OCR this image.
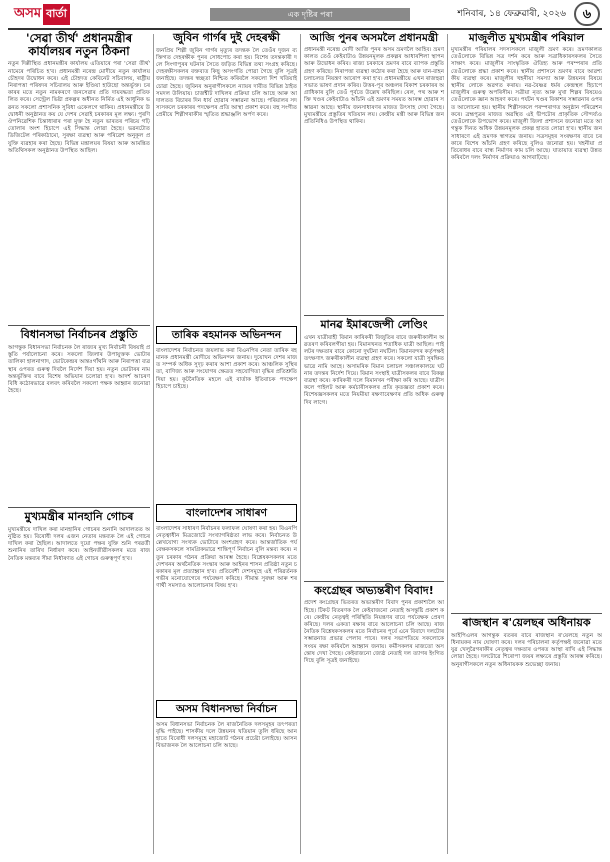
অসম বাৰ্তা	এক দৃষ্টিৰ পৰা	শনিবাৰ, ১৪ ফেব্ৰুৱাৰী, ২০২৬	৬
'সেৱা তীৰ্থ' প্ৰধানমন্ত্ৰীৰ কাৰ্যালয়ৰ নতুন ঠিকনা
নতুন দিল্লীস্থিত প্ৰধানমন্ত্ৰীৰ কাৰ্যালয় এতিয়াৰে পৰা 'সেৱা তীৰ্থ' নামেৰে পৰিচিত হ'ব। প্ৰধানমন্ত্ৰী নৰেন্দ্ৰ মোদীয়ে নতুন কাৰ্যালয় চৌহদৰ উদ্বোধন কৰে। এই চৌহদত কেবিনেট সচিবালয়, ৰাষ্ট্ৰীয় নিৰাপত্তা পৰিষদৰ সচিবালয় আৰু ইণ্ডিয়া হাউছো অন্তৰ্ভুক্ত। চৰকাৰৰ মতে নতুন নামকৰণে জনসেৱাৰ প্ৰতি দায়বদ্ধতা প্ৰতিফলিত কৰে। সেন্ট্ৰেল ভিষ্টা প্ৰকল্পৰ অধীনত নিৰ্মিত এই আধুনিক ভৱনত সকলো প্ৰশাসনিক সুবিধা একেলগে থাকিব। প্ৰধানমন্ত্ৰীয়ে উদ্বোধনী অনুষ্ঠানত কয় যে দেশৰ সেৱাই চৰকাৰৰ মূল লক্ষ্য। পুৰণি ঔপনিৱেশিক চিন্তাধাৰাৰ পৰা মুক্ত হৈ নতুন ভাৰতৰ পৰিচয় গঢ়ি তোলাৰ অংশ হিচাপে এই সিদ্ধান্ত লোৱা হৈছে। ভৱনটোত ডিজিটেল পৰিকাঠামো, সুৰক্ষা ব্যৱস্থা আৰু পৰিৱেশ অনুকূল প্ৰযুক্তি ব্যৱহাৰ কৰা হৈছে। বিভিন্ন মন্ত্ৰালয়ৰ বিষয়া আৰু আমন্ত্ৰিত অতিথিসকল অনুষ্ঠানত উপস্থিত আছিল।
বিধানসভা নিৰ্বাচনৰ প্ৰস্তুতি
আগন্তুক বিধানসভা নিৰ্বাচনক লৈ ৰাজ্যৰ মুখ্য নিৰ্বাচনী বিষয়াই প্ৰস্তুতি পৰ্যালোচনা কৰে। সকলো জিলাৰ উপায়ুক্তক ভোটাৰ তালিকা হালনাগাদ, ভোটকেন্দ্ৰৰ আন্তঃগাঁথনি আৰু নিৰাপত্তা ব্যৱস্থাৰ ওপৰত গুৰুত্ব দিবলৈ নিৰ্দেশ দিয়া হয়। নতুন ভোটাৰৰ নাম অন্তৰ্ভুক্তিৰ বাবে বিশেষ অভিযান চলোৱা হ'ব। আদৰ্শ আচৰণ বিধি কঠোৰভাৱে বলবৎ কৰিবলৈ সকলো পক্ষক আহ্বান জনোৱা হৈছে।
মুখ্যমন্ত্ৰীৰ মানহানি গোচৰ
মুখ্যমন্ত্ৰীয়ে দাখিল কৰা মানহানিৰ গোচৰৰ শুনানি আদালতত অনুষ্ঠিত হয়। বিৰোধী দলৰ এজন নেতাৰ মন্তব্যক লৈ এই গোচৰ দাখিল কৰা হৈছিল। আদালতে দুয়ো পক্ষৰ যুক্তি শুনি পৰৱৰ্তী শুনানিৰ তাৰিখ নিৰ্ধাৰণ কৰে। আইনজীৱীসকলৰ মতে ৰাজনৈতিক মন্তব্যৰ সীমা নিৰ্ধাৰণত এই গোচৰ গুৰুত্বপূৰ্ণ হ'ব।
জুবিন গাৰ্গৰ দুই দেহৰক্ষী
জনপ্ৰিয় শিল্পী জুবিন গাৰ্গৰ মৃত্যুৰ তদন্তক লৈ তেওঁৰ দুজন ব্যক্তিগত দেহৰক্ষীক পুনৰ সোধপোচ কৰা হয়। বিশেষ তদন্তকাৰী দলে সিংগাপুৰৰ ঘটনাৰ সৈতে জড়িত বিভিন্ন তথ্য সংগ্ৰহ কৰিছে। দেহৰক্ষীসকলৰ বক্তব্যত কিছু অসংগতি পোৱা গৈছে বুলি সূত্ৰই জনাইছে। তদন্তৰ স্বচ্ছতা নিশ্চিত কৰিবলৈ সকলো দিশ খতিয়াই চোৱা হৈছে। জুবিনৰ অনুৰাগীসকলে ন্যায়ৰ দাবীত বিভিন্ন ঠাইত সমদল উলিয়ায়। চাৰ্জশ্বীট দাখিলৰ প্ৰক্ৰিয়া চলি আছে আৰু আদালতত বিচাৰৰ দিন ধাৰ্য হোৱাৰ সম্ভাৱনা আছে। পৰিয়ালৰ সদস্যসকলে চৰকাৰৰ পদক্ষেপৰ প্ৰতি আস্থা প্ৰকাশ কৰে। বহু সংগীতপ্ৰেমীয়ে শিল্পীগৰাকীৰ স্মৃতিত শ্ৰদ্ধাঞ্জলি অৰ্পণ কৰে।
তাৰিক ৰহমানক অভিনন্দন
বাংলাদেশৰ নিৰ্বাচনত জয়লাভ কৰা বিএনপিৰ নেতা তাৰিক ৰহমানক প্ৰধানমন্ত্ৰী মোদীয়ে অভিনন্দন জনায়। দুয়োখন দেশৰ মাজত সম্পৰ্ক অধিক সুদৃঢ় কৰাৰ আশা প্ৰকাশ কৰে। আঞ্চলিক সুস্থিৰতা, বাণিজ্য আৰু সংযোগৰ ক্ষেত্ৰত সহযোগিতা বৃদ্ধিৰ প্ৰতিশ্ৰুতি দিয়া হয়। কূটনৈতিক মহলে এই বাৰ্তাক ইতিবাচক পদক্ষেপ হিচাপে চাইছে।
বাংলাদেশৰ সাধাৰণ
বাংলাদেশৰ সাধাৰণ নিৰ্বাচনৰ ফলাফল ঘোষণা কৰা হয়। বিএনপি নেতৃত্বাধীন মিত্ৰজোটে সংখ্যাগৰিষ্ঠতা লাভ কৰে। নিৰ্বাচনত উল্লেখযোগ্য সংখ্যক ভোটাৰে অংশগ্ৰহণ কৰে। আন্তৰ্জাতিক পৰ্যবেক্ষকসকলে সামগ্ৰিকভাৱে শান্তিপূৰ্ণ নিৰ্বাচন বুলি মন্তব্য কৰে। নতুন চৰকাৰ গঠনৰ প্ৰক্ৰিয়া আৰম্ভ হৈছে। বিশ্লেষকসকলৰ মতে দেশখনৰ অৰ্থনৈতিক সংস্কাৰ আৰু আইনৰ শাসন প্ৰতিষ্ঠা নতুন চৰকাৰৰ মূল প্ৰত্যাহ্বান হ'ব। প্ৰতিবেশী দেশসমূহে এই পৰিৱৰ্তনক গভীৰ মনোযোগেৰে পৰ্যবেক্ষণ কৰিছে। সীমান্ত সুৰক্ষা আৰু শৰণাৰ্থী সমস্যাও আলোচনাৰ বিষয় হ'ব।
অসম বিধানসভা নিৰ্বাচন
অসম বিধানসভা নিৰ্বাচনক লৈ ৰাজনৈতিক দলসমূহৰ তৎপৰতা বৃদ্ধি পাইছে। শাসকীয় দলে উন্নয়নৰ খতিয়ান তুলি ধৰিছে আনহাতে বিৰোধী দলসমূহে মহাজোট গঠনৰ প্ৰচেষ্টা চলাইছে। আসন বিভাজনক লৈ আলোচনা চলি আছে।
আজি পুনৰ অসমলৈ প্ৰধানমন্ত্ৰী
প্ৰধানমন্ত্ৰী নৰেন্দ্ৰ মোদী আজি পুনৰ অসম ভ্ৰমণলৈ আহিব। ভ্ৰমণকালত তেওঁ কেইবাটাও উন্নয়নমূলক প্ৰকল্পৰ আধাৰশিলা স্থাপন আৰু উদ্বোধন কৰিব। ৰাজ্য চৰকাৰে ভ্ৰমণৰ বাবে ব্যাপক প্ৰস্তুতি গ্ৰহণ কৰিছে। নিৰাপত্তা ব্যৱস্থা কঠোৰ কৰা হৈছে আৰু যান-বাহন চলাচলত নিয়ন্ত্ৰণ আৰোপ কৰা হ'ব। প্ৰধানমন্ত্ৰীয়ে এখন ৰাজহুৱা সভাত ভাষণ প্ৰদান কৰিব। উত্তৰ-পূব অঞ্চলৰ বিকাশ চৰকাৰৰ অগ্ৰাধিকাৰ বুলি তেওঁ পূৰ্বতে উল্লেখ কৰিছিল। ৰেল, পথ আৰু শক্তি খণ্ডৰ কেইবাটাও আঁচনি এই ভ্ৰমণৰ সময়ত আৰম্ভ হোৱাৰ সম্ভাৱনা আছে। স্থানীয় জনসাধাৰণৰ মাজত উৎসাহ দেখা গৈছে। মুখ্যমন্ত্ৰীয়ে প্ৰস্তুতিৰ খতিয়ান লয়। কেন্দ্ৰীয় মন্ত্ৰী আৰু বিভিন্ন জনপ্ৰতিনিধিও উপস্থিত থাকিব।
মানৱ ইমাৰজেন্সী লেণ্ডিং
এখন যাত্ৰীবাহী বিমান কাৰিকৰী বিজুতিৰ বাবে জৰুৰীকালীন অৱতৰণ কৰিবলগীয়া হয়। বিমানখনত শতাধিক যাত্ৰী আছিল। পাইলটৰ দক্ষতাৰ বাবে কোনো দুৰ্ঘটনা নঘটিল। বিমানবন্দৰ কৰ্তৃপক্ষই তৎক্ষণাৎ জৰুৰীকালীন ব্যৱস্থা গ্ৰহণ কৰে। সকলো যাত্ৰী সুৰক্ষিতভাৱে নামি আহে। অসামৰিক বিমান চলাচল সঞ্চালকালয়ে ঘটনাৰ তদন্তৰ নিৰ্দেশ দিয়ে। বিমান সংস্থাই যাত্ৰীসকলৰ বাবে বিকল্প ব্যৱস্থা কৰে। কাৰিকৰী দলে বিমানখন পৰীক্ষা কৰি আছে। যাত্ৰীসকলে পাইলট আৰু কৰ্মচাৰীসকলৰ প্ৰতি কৃতজ্ঞতা প্ৰকাশ কৰে। বিশেষজ্ঞসকলৰ মতে নিয়মীয়া ৰক্ষণাবেক্ষণৰ প্ৰতি অধিক গুৰুত্ব দিব লাগে।
কংগ্ৰেছৰ অভ্যন্তৰীণ বিবাদ!
প্ৰদেশ কংগ্ৰেছৰ ভিতৰত অভ্যন্তৰীণ বিবাদ পুনৰ প্ৰকাশ্যলৈ আহিছে। টিকট বিতৰণক লৈ কেইবাজনো নেতাই অসন্তুষ্টি প্ৰকাশ কৰে। কেন্দ্ৰীয় নেতৃত্বই পৰিস্থিতি নিয়ন্ত্ৰণৰ বাবে পৰ্যবেক্ষক প্ৰেৰণ কৰিছে। দলৰ একতা ৰক্ষাৰ বাবে আলোচনা চলি আছে। ৰাজনৈতিক বিশ্লেষকসকলৰ মতে নিৰ্বাচনৰ পূৰ্বে এনে বিবাদে দলটোৰ সম্ভাৱনাত প্ৰভাৱ পেলাব পাৰে। দলৰ সভাপতিয়ে সকলোকে সংযম ৰক্ষা কৰিবলৈ আহ্বান জনায়। কৰ্মীসকলৰ মাজতো অসন্তোষ দেখা গৈছে। কেইবাজনো জ্যেষ্ঠ নেতাই দল ত্যাগৰ ইংগিত দিছে বুলি সূত্ৰই জনাইছে।
মাজুলীত মুখ্যমন্ত্ৰীৰ পৰিয়াল
মুখ্যমন্ত্ৰীৰ পৰিয়ালৰ সদস্যসকলে মাজুলী ভ্ৰমণ কৰে। ভ্ৰমণকালত তেওঁলোকে বিভিন্ন সত্ৰ দৰ্শন কৰে আৰু সত্ৰাধিকাৰসকলৰ সৈতে সাক্ষাৎ কৰে। মাজুলীৰ সাংস্কৃতিক ঐতিহ্য আৰু পৰম্পৰাৰ প্ৰতি তেওঁলোকে শ্ৰদ্ধা প্ৰকাশ কৰে। স্থানীয় প্ৰশাসনে ভ্ৰমণৰ বাবে আৱশ্যকীয় ব্যৱস্থা কৰে। মাজুলীৰ খহনীয়া সমস্যা আৰু উন্নয়নৰ বিষয়ে স্থানীয় লোকে অৱগত কৰায়। নৱ-বৈষ্ণৱ ধৰ্মৰ কেন্দ্ৰস্থল হিচাপে মাজুলীৰ গুৰুত্ব অপৰিসীম। সত্ৰীয়া নৃত্য আৰু মুখা শিল্পৰ বিষয়েও তেওঁলোকে জ্ঞান আহৰণ কৰে। পৰ্যটন খণ্ডৰ বিকাশৰ সম্ভাৱনাৰ ওপৰত আলোচনা হয়। স্থানীয় শিল্পীসকলে পৰম্পৰাগত অনুষ্ঠান পৰিৱেশন কৰে। ব্ৰহ্মপুত্ৰৰ মাজত অৱস্থিত এই দ্বীপটোৰ প্ৰাকৃতিক সৌন্দৰ্য্যও তেওঁলোকে উপভোগ কৰে। মাজুলী জিলা প্ৰশাসনে জনোৱা মতে আগন্তুক দিনত অধিক উন্নয়নমূলক প্ৰকল্প হাতত লোৱা হ'ব। স্থানীয় জনসাধাৰণে এই ভ্ৰমণক স্বাগতম জনায়। সত্ৰসমূহৰ সংৰক্ষণৰ বাবে চৰকাৰে বিশেষ আঁচনি গ্ৰহণ কৰিছে বুলিও জনোৱা হয়। খহনীয়া প্ৰতিৰোধৰ বাবে বান্ধ নিৰ্মাণৰ কাম চলি আছে। যাতায়াত ব্যৱস্থা উন্নত কৰিবলৈ দলং নিৰ্মাণৰ প্ৰক্ৰিয়াও আগবাঢ়িছে।
ৰাজস্থান ৰ'য়েলছৰ অধিনায়ক
আইপিএলৰ আগন্তুক বতৰৰ বাবে ৰাজস্থান ৰ'য়েলছে নতুন অধিনায়কৰ নাম ঘোষণা কৰে। দলৰ পৰিচালনা কৰ্তৃপক্ষই জনোৱা মতে যুৱ খেলুৱৈগৰাকীৰ নেতৃত্বৰ দক্ষতাৰ ওপৰত আস্থা ৰাখি এই সিদ্ধান্ত লোৱা হৈছে। দলটোৱে শিৰোপা জয়ৰ লক্ষ্যৰে প্ৰস্তুতি আৰম্ভ কৰিছে। অনুৰাগীসকলে নতুন অধিনায়কক শুভেচ্ছা জনায়।
